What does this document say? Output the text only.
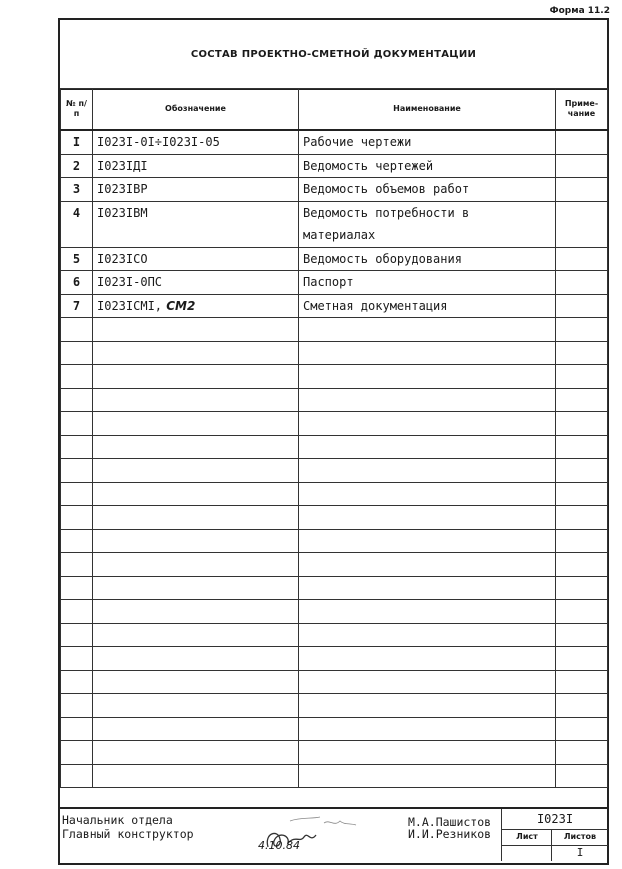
Форма 11.2
СОСТАВ ПРОЕКТНО-СМЕТНОЙ ДОКУМЕНТАЦИИ
№ п/п	Обозначение	Наименование	Приме- чание
I	I023I-0I÷I023I-05	Рабочие чертежи	
2	I023IДI	Ведомость чертежей	
3	I023IВР	Ведомость объемов работ	
4	I023IВМ	Ведомость потребности в
материалах	

5	I023IСО	Ведомость оборудования	
6	I023I-0ПС	Паспорт	
7	I023IСМI, СМ2	Сметная документация	

Начальник отдела
Главный конструктор
4.10.84
М.А.Пашистов
И.И.Резников
I023I
Лист	Листов
I
